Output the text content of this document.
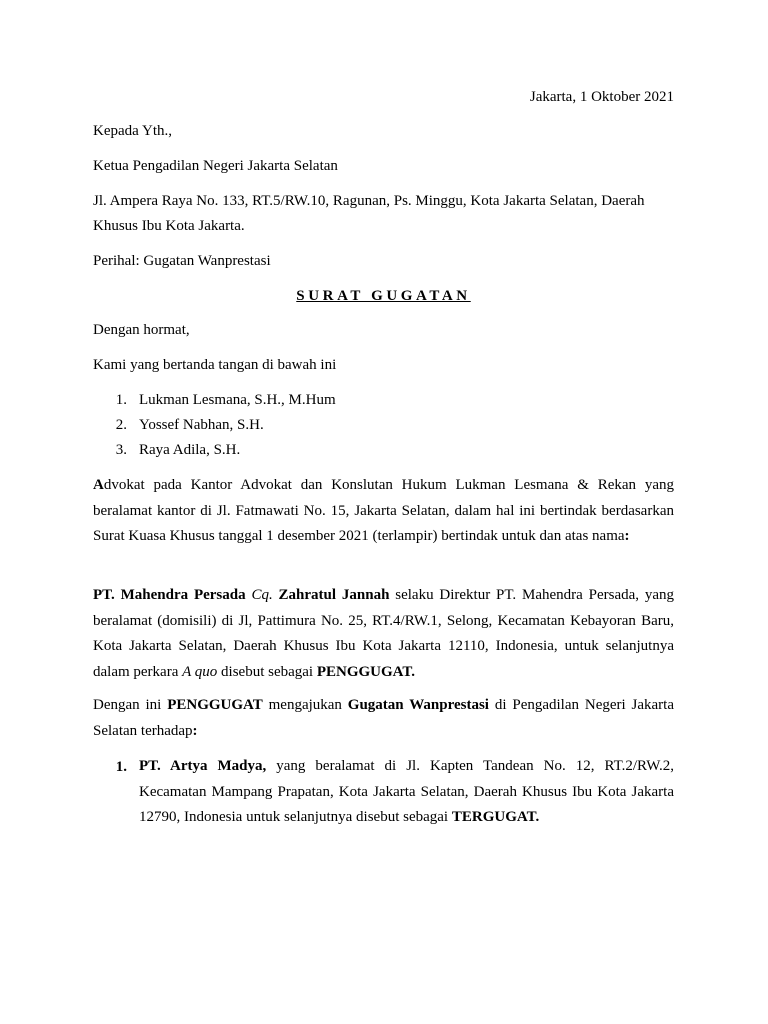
Jakarta, 1 Oktober 2021
Kepada Yth.,
Ketua Pengadilan Negeri Jakarta Selatan
Jl. Ampera Raya No. 133, RT.5/RW.10, Ragunan, Ps. Minggu, Kota Jakarta Selatan, Daerah
Khusus Ibu Kota Jakarta.
Perihal: Gugatan Wanprestasi
SURAT GUGATAN
Dengan hormat,
Kami yang bertanda tangan di bawah ini
1. Lukman Lesmana, S.H., M.Hum
2. Yossef Nabhan, S.H.
3. Raya Adila, S.H.
Advokat pada Kantor Advokat dan Konslutan Hukum Lukman Lesmana & Rekan yang beralamat kantor di Jl. Fatmawati No. 15, Jakarta Selatan, dalam hal ini bertindak berdasarkan Surat Kuasa Khusus tanggal 1 desember 2021 (terlampir) bertindak untuk dan atas nama:
PT. Mahendra Persada Cq. Zahratul Jannah selaku Direktur PT. Mahendra Persada, yang beralamat (domisili) di Jl, Pattimura No. 25, RT.4/RW.1, Selong, Kecamatan Kebayoran Baru, Kota Jakarta Selatan, Daerah Khusus Ibu Kota Jakarta 12110, Indonesia, untuk selanjutnya dalam perkara A quo disebut sebagai PENGGUGAT.
Dengan ini PENGGUGAT mengajukan Gugatan Wanprestasi di Pengadilan Negeri Jakarta Selatan terhadap:
1. PT. Artya Madya, yang beralamat di Jl. Kapten Tandean No. 12, RT.2/RW.2, Kecamatan Mampang Prapatan, Kota Jakarta Selatan, Daerah Khusus Ibu Kota Jakarta 12790, Indonesia untuk selanjutnya disebut sebagai TERGUGAT.
